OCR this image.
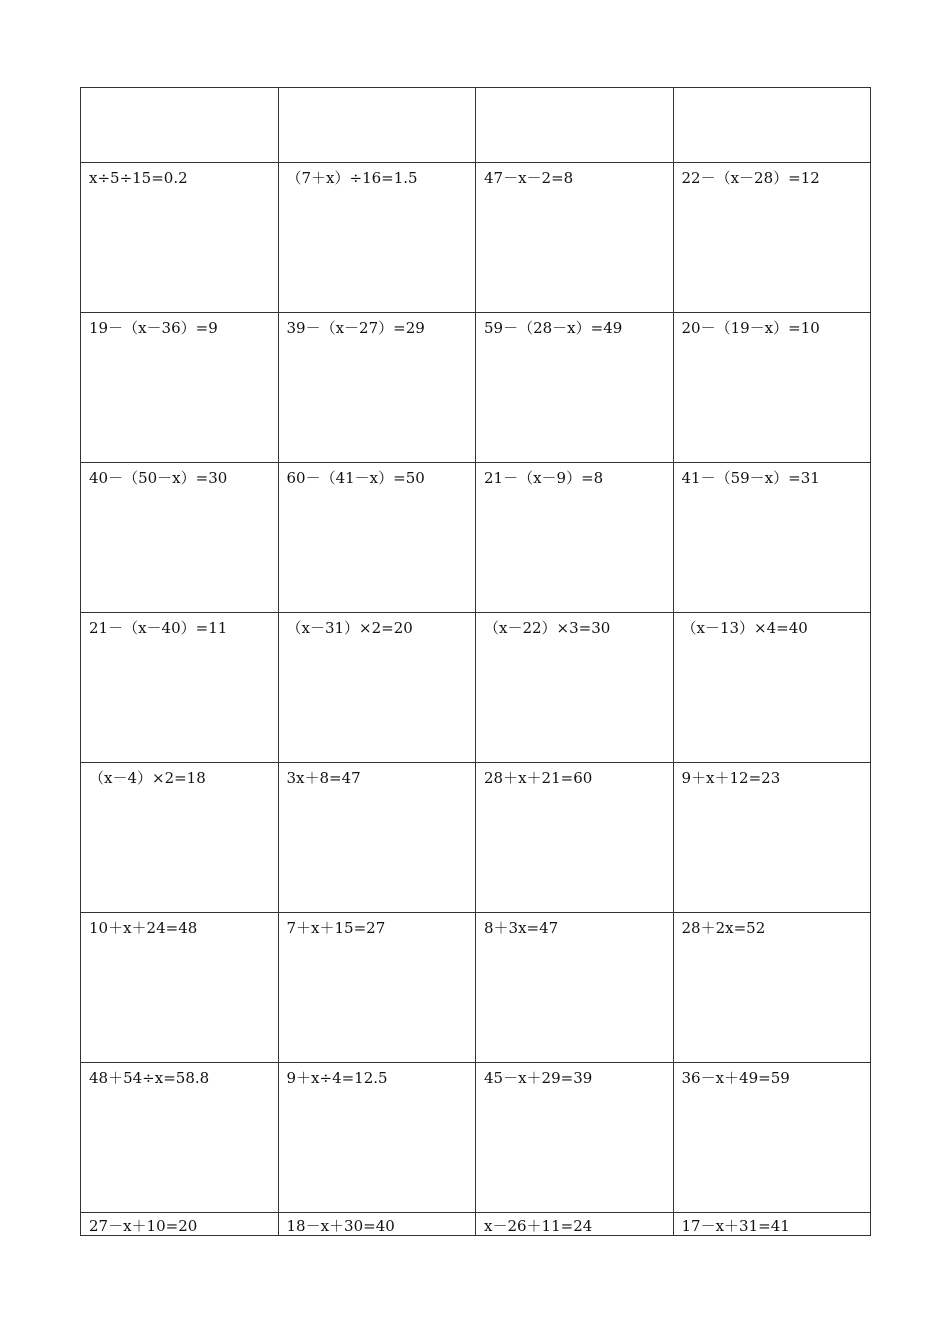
x÷5÷15=0.2	（7＋x）÷16=1.5	47－x－2=8	22－（x－28）=12
19－（x－36）=9	39－（x－27）=29	59－（28－x）=49	20－（19－x）=10
40－（50－x）=30	60－（41－x）=50	21－（x－9）=8	41－（59－x）=31
21－（x－40）=11	（x－31）×2=20	（x－22）×3=30	（x－13）×4=40
（x－4）×2=18	3x＋8=47	28＋x＋21=60	9＋x＋12=23
10＋x＋24=48	7＋x＋15=27	8＋3x=47	28＋2x=52
48＋54÷x=58.8	9＋x÷4=12.5	45－x＋29=39	36－x＋49=59
27－x＋10=20	18－x＋30=40	x－26＋11=24	17－x＋31=41
